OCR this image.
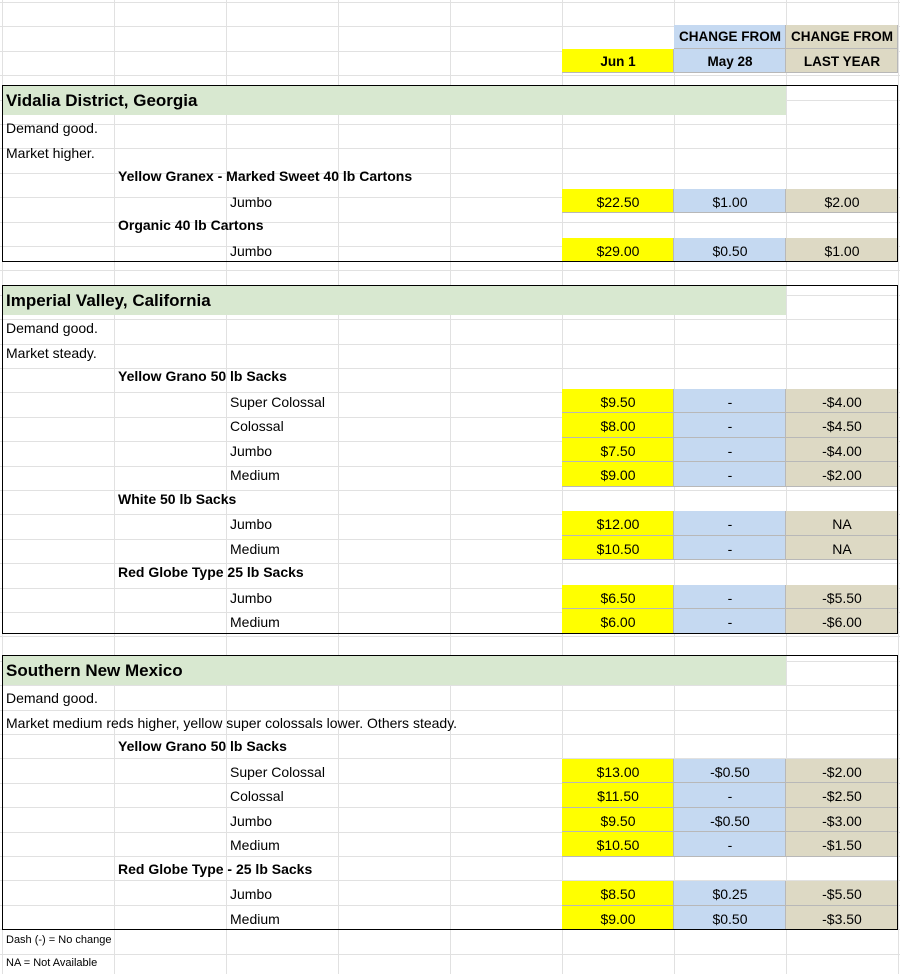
CHANGE FROM CHANGE FROM
Jun 1	May 28	LAST YEAR
Vidalia District, Georgia
Demand good.
Market higher.
Yellow Granex - Marked Sweet 40 lb Cartons
Jumbo	$22.50	$1.00	$2.00
Organic 40 lb Cartons
Jumbo	$29.00	$0.50	$1.00
Imperial Valley, California
Demand good.
Market steady.
Yellow Grano 50 lb Sacks
Super Colossal	$9.50	-	-$4.00
Colossal	$8.00	-	-$4.50
Jumbo	$7.50	-	-$4.00
Medium	$9.00	-	-$2.00
White 50 lb Sacks
Jumbo	$12.00	-	NA
Medium	$10.50	-	NA
Red Globe Type 25 lb Sacks
Jumbo	$6.50	-	-$5.50
Medium	$6.00	-	-$6.00
Southern New Mexico
Demand good.
Market medium reds higher, yellow super colossals lower. Others steady.
Yellow Grano 50 lb Sacks
Super Colossal	$13.00	-$0.50	-$2.00
Colossal	$11.50	-	-$2.50
Jumbo	$9.50	-$0.50	-$3.00
Medium	$10.50	-	-$1.50
Red Globe Type - 25 lb Sacks
Jumbo	$8.50	$0.25	-$5.50
Medium	$9.00	$0.50	-$3.50
Dash (-) = No change
NA = Not Available
